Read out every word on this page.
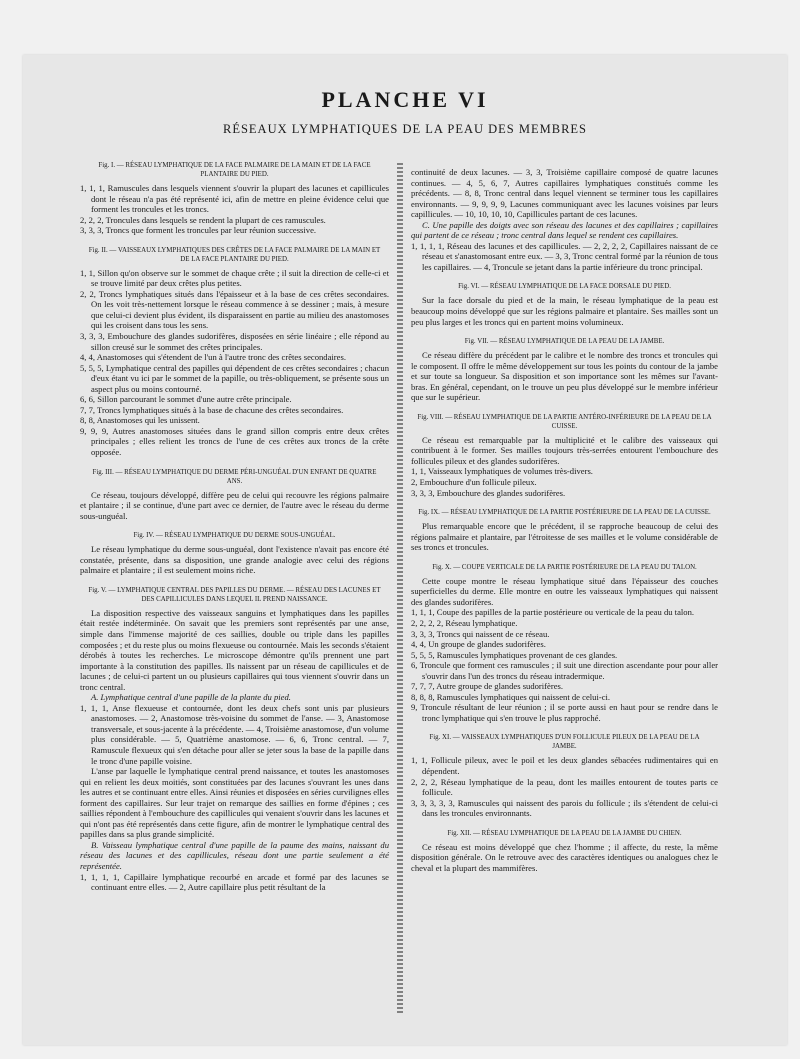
PLANCHE VI
RÉSEAUX LYMPHATIQUES DE LA PEAU DES MEMBRES
Fig. I. — RÉSEAU LYMPHATIQUE DE LA FACE PALMAIRE DE LA MAIN ET DE LA FACE PLANTAIRE DU PIED.

1, 1, 1, Ramuscules dans lesquels viennent s'ouvrir la plupart des lacunes et capillicules dont le réseau n'a pas été représenté ici, afin de mettre en pleine évidence celui que forment les troncules et les troncs.

2, 2, 2, Troncules dans lesquels se rendent la plupart de ces ramuscules.

3, 3, 3, Troncs que forment les troncules par leur réunion successive.

Fig. II. — VAISSEAUX LYMPHATIQUES DES CRÊTES DE LA FACE PALMAIRE DE LA MAIN ET DE LA FACE PLANTAIRE DU PIED.

1, 1, Sillon qu'on observe sur le sommet de chaque crête ; il suit la direction de celle-ci et se trouve limité par deux crêtes plus petites.

2, 2, Troncs lymphatiques situés dans l'épaisseur et à la base de ces crêtes secondaires. On les voit très-nettement lorsque le réseau commence à se dessiner ; mais, à mesure que celui-ci devient plus évident, ils disparaissent en partie au milieu des anastomoses qui les croisent dans tous les sens.

3, 3, 3, Embouchure des glandes sudorifères, disposées en série linéaire ; elle répond au sillon creusé sur le sommet des crêtes principales.

4, 4, Anastomoses qui s'étendent de l'un à l'autre tronc des crêtes secondaires.

5, 5, 5, Lymphatique central des papilles qui dépendent de ces crêtes secondaires ; chacun d'eux étant vu ici par le sommet de la papille, ou très-obliquement, se présente sous un aspect plus ou moins contourné.

6, 6, Sillon parcourant le sommet d'une autre crête principale.

7, 7, Troncs lymphatiques situés à la base de chacune des crêtes secondaires.

8, 8, Anastomoses qui les unissent.

9, 9, 9, Autres anastomoses situées dans le grand sillon compris entre deux crêtes principales ; elles relient les troncs de l'une de ces crêtes aux troncs de la crête opposée.

Fig. III. — RÉSEAU LYMPHATIQUE DU DERME PÉRI-UNGUÉAL D'UN ENFANT DE QUATRE ANS.

Ce réseau, toujours développé, diffère peu de celui qui recouvre les régions palmaire et plantaire ; il se continue, d'une part avec ce dernier, de l'autre avec le réseau du derme sous-unguéal.

Fig. IV. — RÉSEAU LYMPHATIQUE DU DERME SOUS-UNGUÉAL.

Le réseau lymphatique du derme sous-unguéal, dont l'existence n'avait pas encore été constatée, présente, dans sa disposition, une grande analogie avec celui des régions palmaire et plantaire ; il est seulement moins riche.

Fig. V. — LYMPHATIQUE CENTRAL DES PAPILLES DU DERME. — RÉSEAU DES LACUNES ET DES CAPILLICULES DANS LEQUEL IL PREND NAISSANCE.

La disposition respective des vaisseaux sanguins et lymphatiques dans les papilles était restée indéterminée. On savait que les premiers sont représentés par une anse, simple dans l'immense majorité de ces saillies, double ou triple dans les papilles composées ; et du reste plus ou moins flexueuse ou contournée. Mais les seconds s'étaient dérobés à toutes les recherches. Le microscope démontre qu'ils prennent une part importante à la constitution des papilles. Ils naissent par un réseau de capillicules et de lacunes ; de celui-ci partent un ou plusieurs capillaires qui tous viennent s'ouvrir dans un tronc central.

A. Lymphatique central d'une papille de la plante du pied.

1, 1, 1, Anse flexueuse et contournée, dont les deux chefs sont unis par plusieurs anastomoses. — 2, Anastomose très-voisine du sommet de l'anse. — 3, Anastomose transversale, et sous-jacente à la précédente. — 4, Troisième anastomose, d'un volume plus considérable. — 5, Quatrième anastomose. — 6, 6, Tronc central. — 7, Ramuscule flexueux qui s'en détache pour aller se jeter sous la base de la papille dans le tronc d'une papille voisine.

L'anse par laquelle le lymphatique central prend naissance, et toutes les anastomoses qui en relient les deux moitiés, sont constituées par des lacunes s'ouvrant les unes dans les autres et se continuant entre elles. Ainsi réunies et disposées en séries curvilignes elles forment des capillaires. Sur leur trajet on remarque des saillies en forme d'épines ; ces saillies répondent à l'embouchure des capillicules qui venaient s'ouvrir dans les lacunes et qui n'ont pas été représentés dans cette figure, afin de montrer le lymphatique central des papilles dans sa plus grande simplicité.

B. Vaisseau lymphatique central d'une papille de la paume des mains, naissant du réseau des lacunes et des capillicules, réseau dont une partie seulement a été représentée.

1, 1, 1, 1, Capillaire lymphatique recourbé en arcade et formé par des lacunes se continuant entre elles. — 2, Autre capillaire plus petit résultant de la

continuité de deux lacunes. — 3, 3, Troisième capillaire composé de quatre lacunes continues. — 4, 5, 6, 7, Autres capillaires lymphatiques constitués comme les précédents. — 8, 8, Tronc central dans lequel viennent se terminer tous les capillaires environnants. — 9, 9, 9, 9, Lacunes communiquant avec les lacunes voisines par leurs capillicules. — 10, 10, 10, 10, Capillicules partant de ces lacunes.

C. Une papille des doigts avec son réseau des lacunes et des capillaires ; capillaires qui partent de ce réseau ; tronc central dans lequel se rendent ces capillaires.

1, 1, 1, 1, Réseau des lacunes et des capillicules. — 2, 2, 2, 2, Capillaires naissant de ce réseau et s'anastomosant entre eux. — 3, 3, Tronc central formé par la réunion de tous les capillaires. — 4, Troncule se jetant dans la partie inférieure du tronc principal.

Fig. VI. — RÉSEAU LYMPHATIQUE DE LA FACE DORSALE DU PIED.

Sur la face dorsale du pied et de la main, le réseau lymphatique de la peau est beaucoup moins développé que sur les régions palmaire et plantaire. Ses mailles sont un peu plus larges et les troncs qui en partent moins volumineux.

Fig. VII. — RÉSEAU LYMPHATIQUE DE LA PEAU DE LA JAMBE.

Ce réseau diffère du précédent par le calibre et le nombre des troncs et troncules qui le composent. Il offre le même développement sur tous les points du contour de la jambe et sur toute sa longueur. Sa disposition et son importance sont les mêmes sur l'avant-bras. En général, cependant, on le trouve un peu plus développé sur le membre inférieur que sur le supérieur.

Fig. VIII. — RÉSEAU LYMPHATIQUE DE LA PARTIE ANTÉRO-INFÉRIEURE DE LA PEAU DE LA CUISSE.

Ce réseau est remarquable par la multiplicité et le calibre des vaisseaux qui contribuent à le former. Ses mailles toujours très-serrées entourent l'embouchure des follicules pileux et des glandes sudorifères.

1, 1, Vaisseaux lymphatiques de volumes très-divers.

2, Embouchure d'un follicule pileux.

3, 3, 3, Embouchure des glandes sudorifères.

Fig. IX. — RÉSEAU LYMPHATIQUE DE LA PARTIE POSTÉRIEURE DE LA PEAU DE LA CUISSE.

Plus remarquable encore que le précédent, il se rapproche beaucoup de celui des régions palmaire et plantaire, par l'étroitesse de ses mailles et le volume considérable de ses troncs et troncules.

Fig. X. — COUPE VERTICALE DE LA PARTIE POSTÉRIEURE DE LA PEAU DU TALON.

Cette coupe montre le réseau lymphatique situé dans l'épaisseur des couches superficielles du derme. Elle montre en outre les vaisseaux lymphatiques qui naissent des glandes sudorifères.

1, 1, 1, Coupe des papilles de la partie postérieure ou verticale de la peau du talon.

2, 2, 2, 2, Réseau lymphatique.

3, 3, 3, Troncs qui naissent de ce réseau.

4, 4, Un groupe de glandes sudorifères.

5, 5, 5, Ramuscules lymphatiques provenant de ces glandes.

6, Troncule que forment ces ramuscules ; il suit une direction ascendante pour pour aller s'ouvrir dans l'un des troncs du réseau intradermique.

7, 7, 7, Autre groupe de glandes sudorifères.

8, 8, 8, Ramuscules lymphatiques qui naissent de celui-ci.

9, Troncule résultant de leur réunion ; il se porte aussi en haut pour se rendre dans le tronc lymphatique qui s'en trouve le plus rapproché.

Fig. XI. — VAISSEAUX LYMPHATIQUES D'UN FOLLICULE PILEUX DE LA PEAU DE LA JAMBE.

1, 1, Follicule pileux, avec le poil et les deux glandes sébacées rudimentaires qui en dépendent.

2, 2, 2, Réseau lymphatique de la peau, dont les mailles entourent de toutes parts ce follicule.

3, 3, 3, 3, 3, Ramuscules qui naissent des parois du follicule ; ils s'étendent de celui-ci dans les troncules environnants.

Fig. XII. — RÉSEAU LYMPHATIQUE DE LA PEAU DE LA JAMBE DU CHIEN.

Ce réseau est moins développé que chez l'homme ; il affecte, du reste, la même disposition générale. On le retrouve avec des caractères identiques ou analogues chez le cheval et la plupart des mammifères.
